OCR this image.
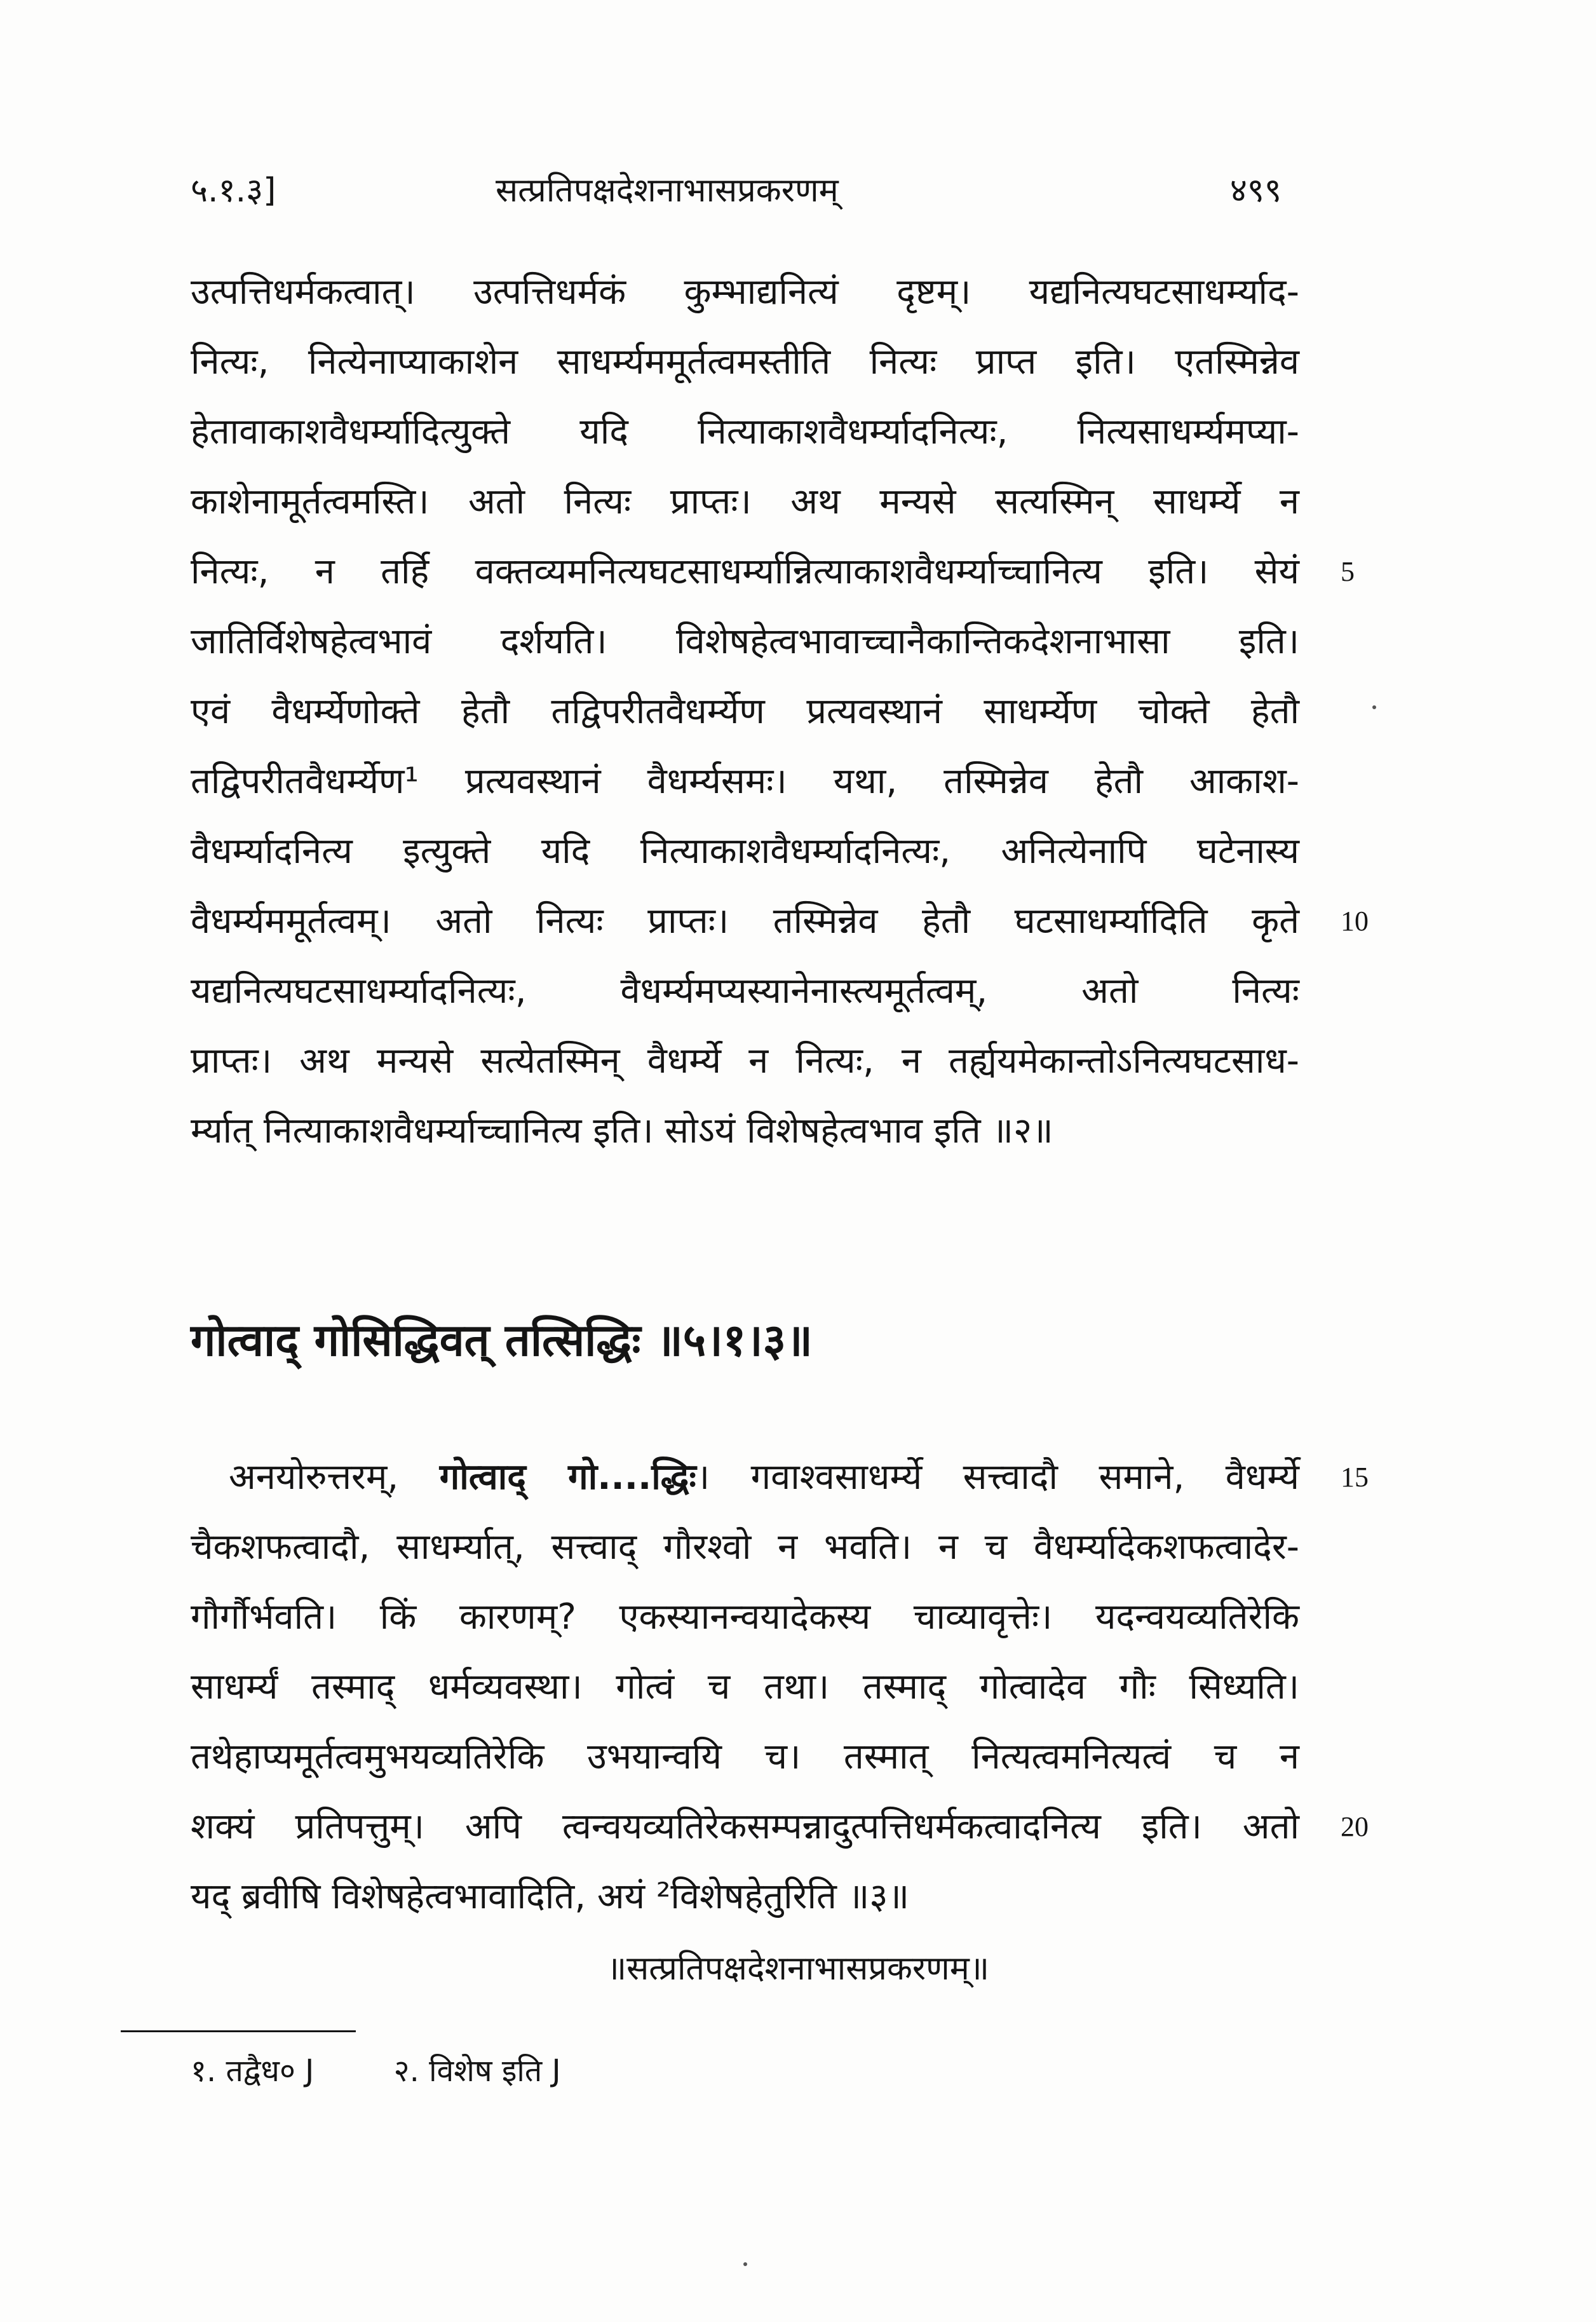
५.१.३]	सत्प्रतिपक्षदेशनाभासप्रकरणम्	४९९
उत्पत्तिधर्मकत्वात्। उत्पत्तिधर्मकं कुम्भाद्यनित्यं दृष्टम्। यद्यनित्यघटसाधर्म्याद-
नित्यः, नित्येनाप्याकाशेन साधर्म्यममूर्तत्वमस्तीति नित्यः प्राप्त इति। एतस्मिन्नेव
हेतावाकाशवैधर्म्यादित्युक्ते यदि नित्याकाशवैधर्म्यादनित्यः, नित्यसाधर्म्यमप्या-
काशेनामूर्तत्वमस्ति। अतो नित्यः प्राप्तः। अथ मन्यसे सत्यस्मिन् साधर्म्ये न
नित्यः, न तर्हि वक्तव्यमनित्यघटसाधर्म्यान्नित्याकाशवैधर्म्याच्चानित्य इति। सेयं
जातिर्विशेषहेत्वभावं दर्शयति। विशेषहेत्वभावाच्चानैकान्तिकदेशनाभासा इति।
एवं वैधर्म्येणोक्ते हेतौ तद्विपरीतवैधर्म्येण प्रत्यवस्थानं साधर्म्येण चोक्ते हेतौ
तद्विपरीतवैधर्म्येण¹ प्रत्यवस्थानं वैधर्म्यसमः। यथा, तस्मिन्नेव हेतौ आकाश-
वैधर्म्यादनित्य इत्युक्ते यदि नित्याकाशवैधर्म्यादनित्यः, अनित्येनापि घटेनास्य
वैधर्म्यममूर्तत्वम्। अतो नित्यः प्राप्तः। तस्मिन्नेव हेतौ घटसाधर्म्यादिति कृते
यद्यनित्यघटसाधर्म्यादनित्यः, वैधर्म्यमप्यस्यानेनास्त्यमूर्तत्वम्, अतो नित्यः
प्राप्तः। अथ मन्यसे सत्येतस्मिन् वैधर्म्ये न नित्यः, न तर्ह्ययमेकान्तोऽनित्यघटसाध-
र्म्यात् नित्याकाशवैधर्म्याच्चानित्य इति। सोऽयं विशेषहेत्वभाव इति ॥२॥
5
10
15
20
गोत्वाद् गोसिद्धिवत् तत्सिद्धिः ॥५।१।३॥
अनयोरुत्तरम्, गोत्वाद् गो....द्धिः। गवाश्वसाधर्म्ये सत्त्वादौ समाने, वैधर्म्ये
चैकशफत्वादौ, साधर्म्यात्, सत्त्वाद् गौरश्वो न भवति। न च वैधर्म्यादेकशफत्वादेर-
गौर्गौर्भवति। किं कारणम्? एकस्यानन्वयादेकस्य चाव्यावृत्तेः। यदन्वयव्यतिरेकि
साधर्म्यं तस्माद् धर्मव्यवस्था। गोत्वं च तथा। तस्माद् गोत्वादेव गौः सिध्यति।
तथेहाप्यमूर्तत्वमुभयव्यतिरेकि उभयान्वयि च। तस्मात् नित्यत्वमनित्यत्वं च न
शक्यं प्रतिपत्तुम्। अपि त्वन्वयव्यतिरेकसम्पन्नादुत्पत्तिधर्मकत्वादनित्य इति। अतो
यद् ब्रवीषि विशेषहेत्वभावादिति, अयं ²विशेषहेतुरिति ॥३॥
॥सत्प्रतिपक्षदेशनाभासप्रकरणम्॥
१. तद्वैध० J	२. विशेष इति J
